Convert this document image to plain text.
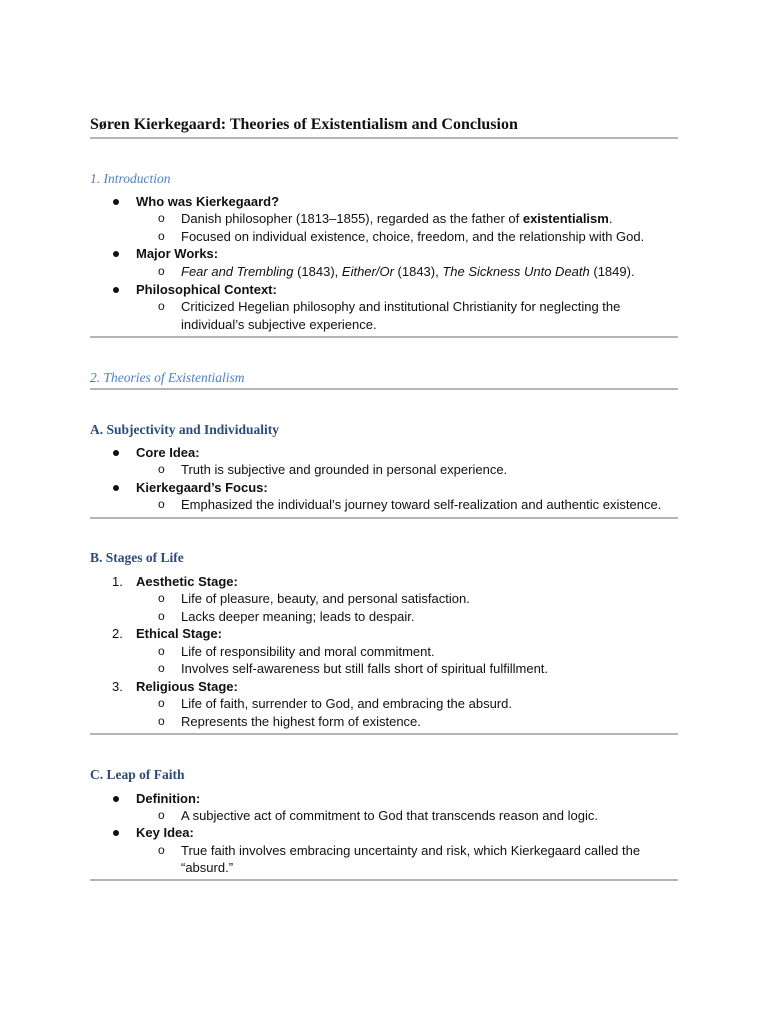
Søren Kierkegaard: Theories of Existentialism and Conclusion
1. Introduction
Who was Kierkegaard?
o Danish philosopher (1813–1855), regarded as the father of existentialism.
o Focused on individual existence, choice, freedom, and the relationship with God.
Major Works:
o Fear and Trembling (1843), Either/Or (1843), The Sickness Unto Death (1849).
Philosophical Context:
o Criticized Hegelian philosophy and institutional Christianity for neglecting the
individual’s subjective experience.
2. Theories of Existentialism
A. Subjectivity and Individuality
Core Idea:
o Truth is subjective and grounded in personal experience.
Kierkegaard’s Focus:
o Emphasized the individual’s journey toward self-realization and authentic existence.
B. Stages of Life
1. Aesthetic Stage:
o Life of pleasure, beauty, and personal satisfaction.
o Lacks deeper meaning; leads to despair.
2. Ethical Stage:
o Life of responsibility and moral commitment.
o Involves self-awareness but still falls short of spiritual fulfillment.
3. Religious Stage:
o Life of faith, surrender to God, and embracing the absurd.
o Represents the highest form of existence.
C. Leap of Faith
Definition:
o A subjective act of commitment to God that transcends reason and logic.
Key Idea:
o True faith involves embracing uncertainty and risk, which Kierkegaard called the
“absurd.”
